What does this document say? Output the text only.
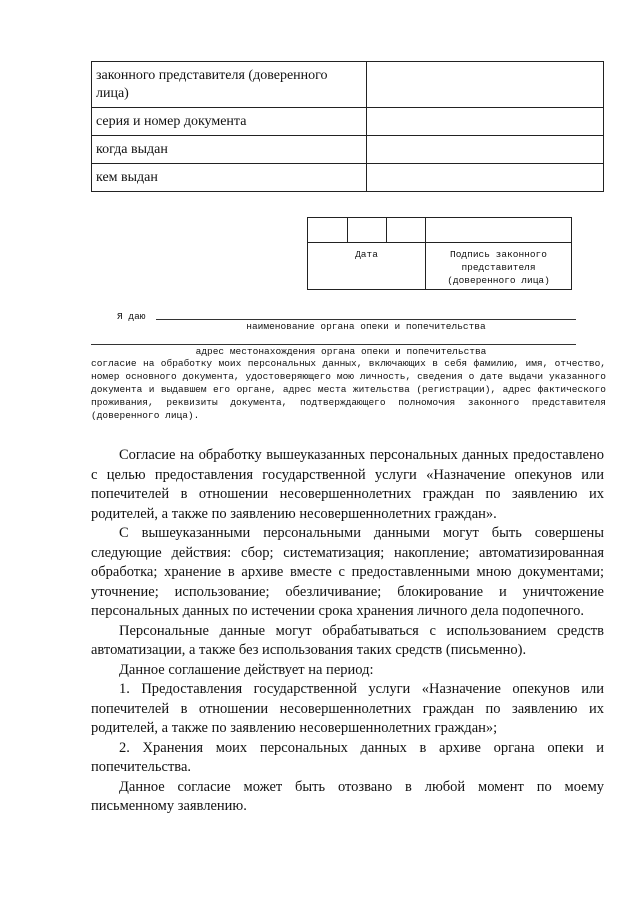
законного представителя (доверенного лица)	
серия и номер документа	
когда выдан	
кем выдан	
Дата	Подпись законного представителя (доверенного лица)
Я даю
наименование органа опеки и попечительства
адрес местонахождения органа опеки и попечительства
согласие на обработку моих персональных данных, включающих в себя фамилию, имя, отчество, номер основного документа, удостоверяющего мою личность, сведения о дате выдачи указанного документа и выдавшем его органе, адрес места жительства (регистрации), адрес фактического проживания, реквизиты документа, подтверждающего полномочия законного представителя (доверенного лица).

Согласие на обработку вышеуказанных персональных данных предоставлено с целью предоставления государственной услуги «Назначение опекунов или попечителей в отношении несовершеннолетних граждан по заявлению их родителей, а также по заявлению несовершеннолетних граждан».

С вышеуказанными персональными данными могут быть совершены следующие действия: сбор; систематизация; накопление; автоматизированная обработка; хранение в архиве вместе с предоставленными мною документами; уточнение; использование; обезличивание; блокирование и уничтожение персональных данных по истечении срока хранения личного дела подопечного.

Персональные данные могут обрабатываться с использованием средств автоматизации, а также без использования таких средств (письменно).

Данное соглашение действует на период:

1. Предоставления государственной услуги «Назначение опекунов или попечителей в отношении несовершеннолетних граждан по заявлению их родителей, а также по заявлению несовершеннолетних граждан»;

2. Хранения моих персональных данных в архиве органа опеки и попечительства.

Данное согласие может быть отозвано в любой момент по моему письменному заявлению.
